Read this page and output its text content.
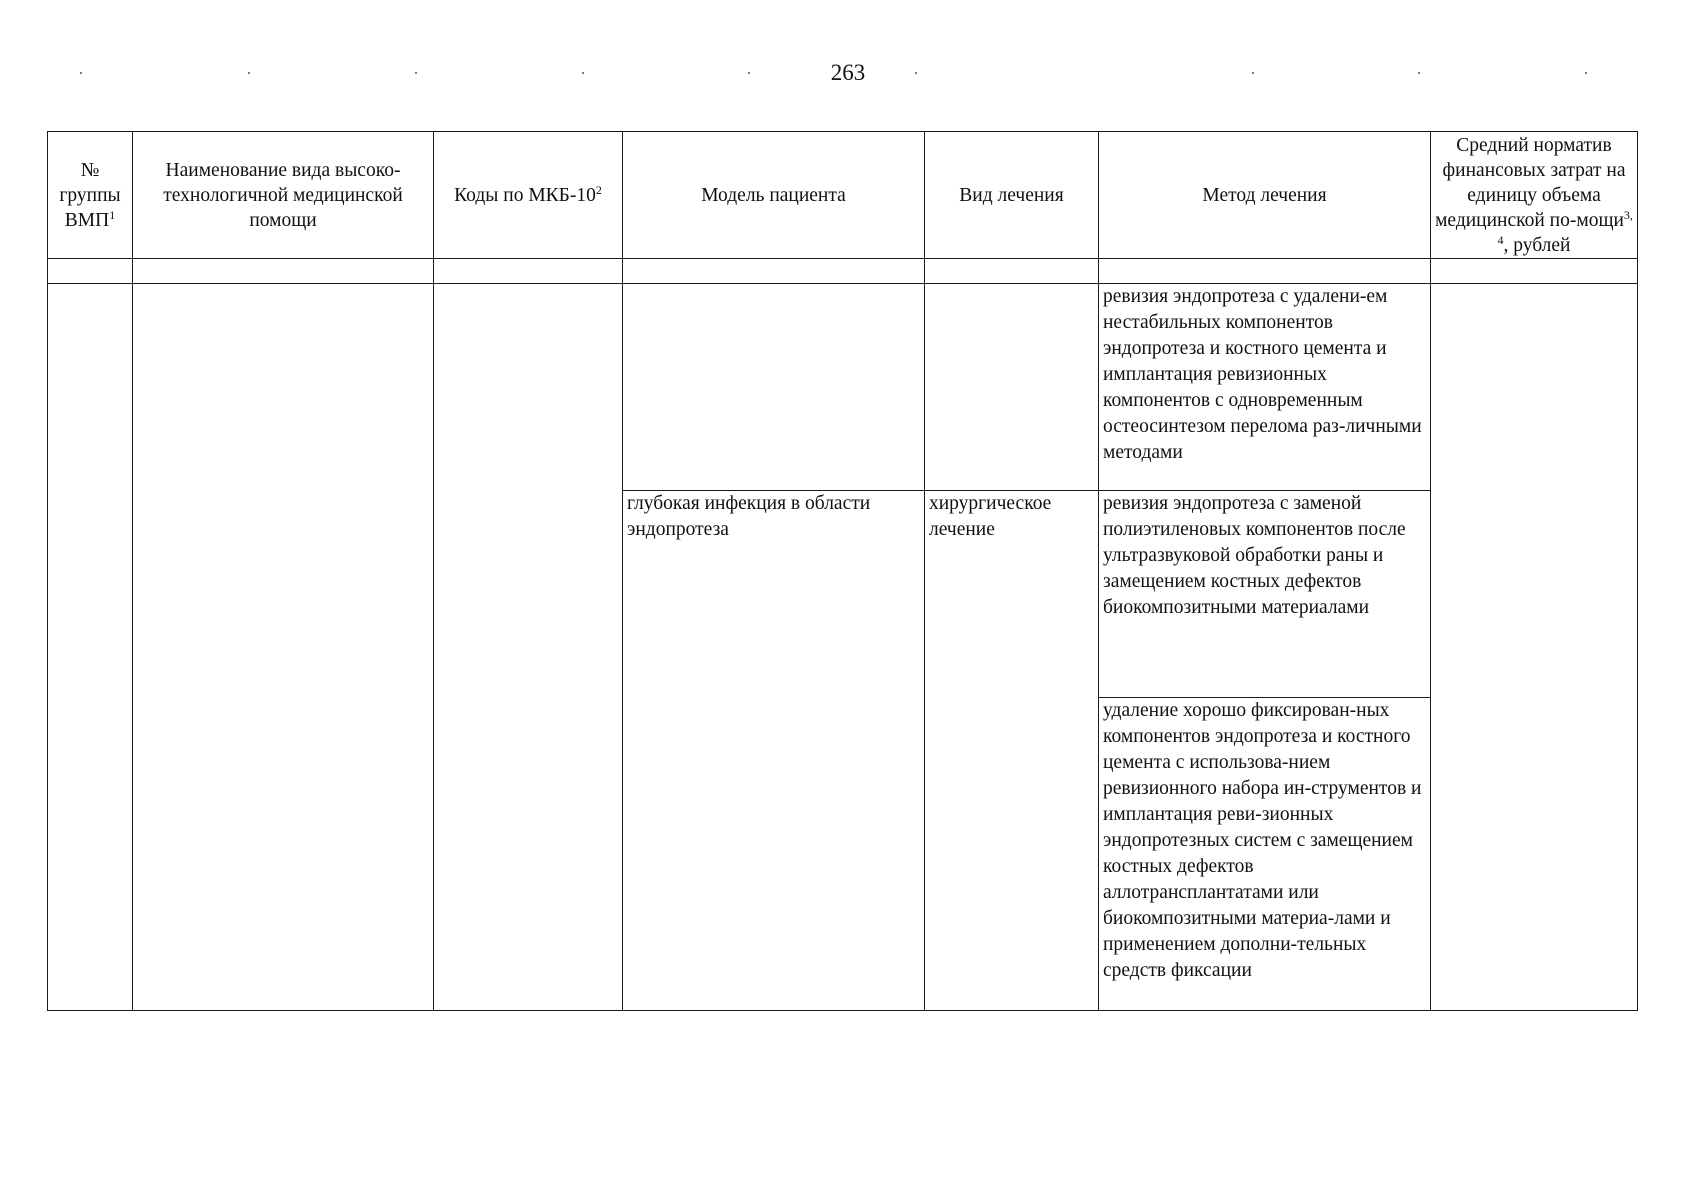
263
№ группы ВМП$^1$	Наименование вида высоко-технологичной медицинской помощи	Коды по МКБ-$10^2$	Модель пациента	Вид лечения	Метод лечения	Средний норматив финансовых затрат на единицу объема медицинской по-мощи$^{3, 4}$, рублей

					ревизия эндопротеза с удалени-ем нестабильных компонентов эндопротеза и костного цемента и имплантация ревизионных компонентов с одновременным остеосинтезом перелома раз-личными методами	
			глубокая инфекция в области эндопротеза	хирургическое лечение	ревизия эндопротеза с заменой полиэтиленовых компонентов после ультразвуковой обработки раны и замещением костных дефектов биокомпозитными материалами	
					удаление хорошо фиксирован-ных компонентов эндопротеза и костного цемента с использова-нием ревизионного набора ин-струментов и имплантация реви-зионных эндопротезных систем с замещением костных дефектов аллотрансплантатами или биокомпозитными материа-лами и применением дополни-тельных средств фиксации	
